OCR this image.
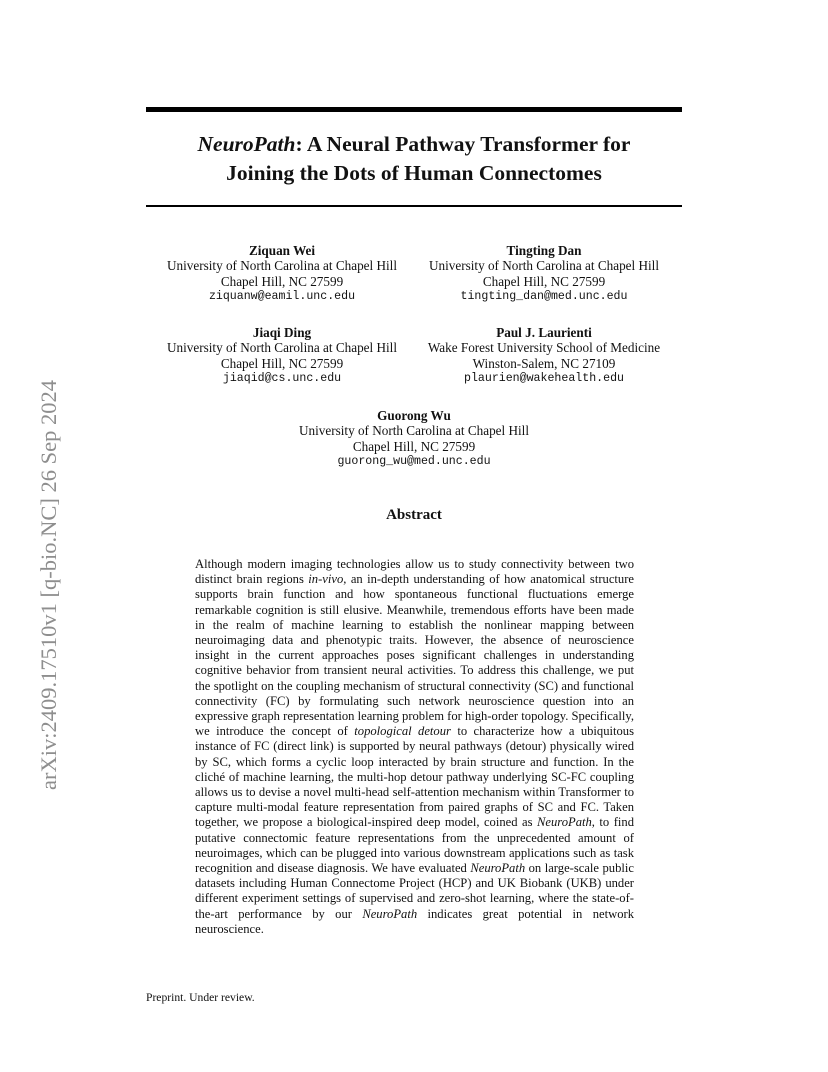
arXiv:2409.17510v1 [q-bio.NC] 26 Sep 2024
NeuroPath: A Neural Pathway Transformer for
Joining the Dots of Human Connectomes
Ziquan Wei
University of North Carolina at Chapel Hill
Chapel Hill, NC 27599
ziquanw@eamil.unc.edu
Tingting Dan
University of North Carolina at Chapel Hill
Chapel Hill, NC 27599
tingting_dan@med.unc.edu
Jiaqi Ding
University of North Carolina at Chapel Hill
Chapel Hill, NC 27599
jiaqid@cs.unc.edu
Paul J. Laurienti
Wake Forest University School of Medicine
Winston-Salem, NC 27109
plaurien@wakehealth.edu
Guorong Wu
University of North Carolina at Chapel Hill
Chapel Hill, NC 27599
guorong_wu@med.unc.edu
Abstract
Although modern imaging technologies allow us to study connectivity between two distinct brain regions in-vivo, an in-depth understanding of how anatomical structure supports brain function and how spontaneous functional fluctuations emerge remarkable cognition is still elusive. Meanwhile, tremendous efforts have been made in the realm of machine learning to establish the nonlinear mapping between neuroimaging data and phenotypic traits. However, the absence of neuroscience insight in the current approaches poses significant challenges in understanding cognitive behavior from transient neural activities. To address this challenge, we put the spotlight on the coupling mechanism of structural connectivity (SC) and functional connectivity (FC) by formulating such network neuroscience question into an expressive graph representation learning problem for high-order topology. Specifically, we introduce the concept of topological detour to characterize how a ubiquitous instance of FC (direct link) is supported by neural pathways (detour) physically wired by SC, which forms a cyclic loop interacted by brain structure and function. In the cliché of machine learning, the multi-hop detour pathway underlying SC-FC coupling allows us to devise a novel multi-head self-attention mechanism within Transformer to capture multi-modal feature representation from paired graphs of SC and FC. Taken together, we propose a biological-inspired deep model, coined as NeuroPath, to find putative connectomic feature representations from the unprecedented amount of neuroimages, which can be plugged into various downstream applications such as task recognition and disease diagnosis. We have evaluated NeuroPath on large-scale public datasets including Human Connectome Project (HCP) and UK Biobank (UKB) under different experiment settings of supervised and zero-shot learning, where the state-of-the-art performance by our NeuroPath indicates great potential in network neuroscience.
Preprint. Under review.
